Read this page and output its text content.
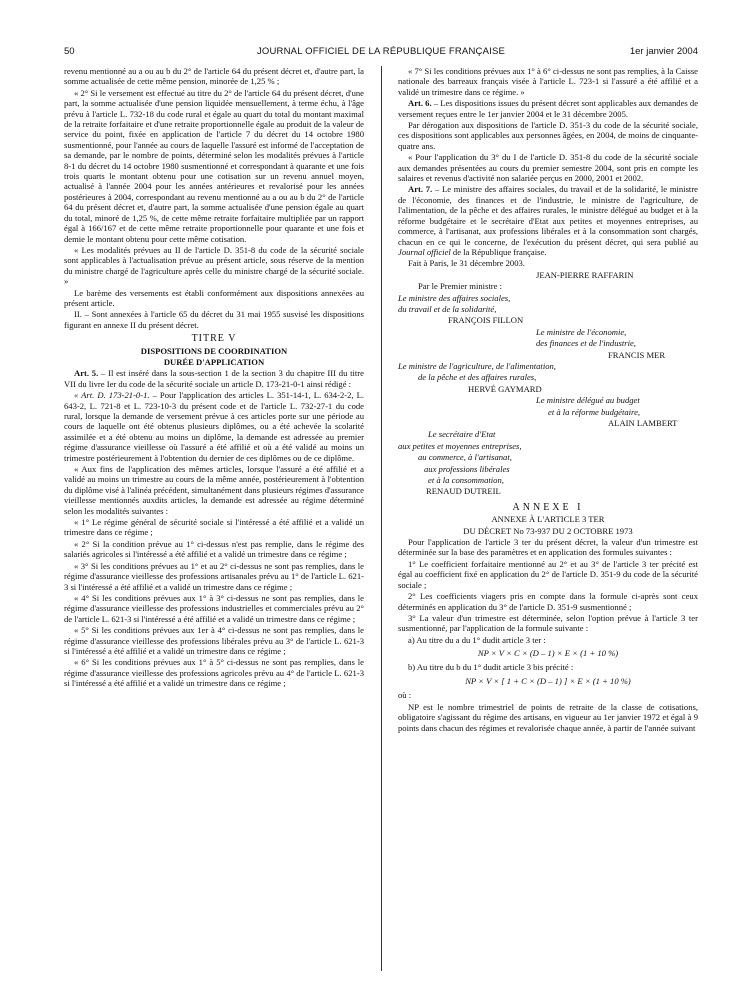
50	JOURNAL OFFICIEL DE LA RÉPUBLIQUE FRANÇAISE	1er janvier 2004

revenu mentionné au a ou au b du 2° de l'article 64 du présent décret et, d'autre part, la somme actualisée de cette même pension, minorée de 1,25 % ;

« 2° Si le versement est effectué au titre du 2° de l'article 64 du présent décret, d'une part, la somme actualisée d'une pension liquidée mensuellement, à terme échu, à l'âge prévu à l'article L. 732-18 du code rural et égale au quart du total du montant maximal de la retraite forfaitaire et d'une retraite proportionnelle égale au produit de la valeur de service du point, fixée en application de l'article 7 du décret du 14 octobre 1980 susmentionné, pour l'année au cours de laquelle l'assuré est informé de l'acceptation de sa demande, par le nombre de points, déterminé selon les modalités prévues à l'article 8-1 du décret du 14 octobre 1980 susmentionné et correspondant à quarante et une fois trois quarts le montant obtenu pour une cotisation sur un revenu annuel moyen, actualisé à l'année 2004 pour les années antérieures et revalorisé pour les années postérieures à 2004, correspondant au revenu mentionné au a ou au b du 2° de l'article 64 du présent décret et, d'autre part, la somme actualisée d'une pension égale au quart du total, minoré de 1,25 %, de cette même retraite forfaitaire multipliée par un rapport égal à 166/167 et de cette même retraite proportionnelle pour quarante et une fois et demie le montant obtenu pour cette même cotisation.

« Les modalités prévues au II de l'article D. 351-8 du code de la sécurité sociale sont applicables à l'actualisation prévue au présent article, sous réserve de la mention du ministre chargé de l'agriculture après celle du ministre chargé de la sécurité sociale. »

Le barème des versements est établi conformément aux dispositions annexées au présent article.

II. – Sont annexées à l'article 65 du décret du 31 mai 1955 susvisé les dispositions figurant en annexe II du présent décret.

TITRE V

DISPOSITIONS DE COORDINATION

DURÉE D'APPLICATION

Art. 5. – Il est inséré dans la sous-section 1 de la section 3 du chapitre III du titre VII du livre Ier du code de la sécurité sociale un article D. 173-21-0-1 ainsi rédigé :

« Art. D. 173-21-0-1. – Pour l'application des articles L. 351-14-1, L. 634-2-2, L. 643-2, L. 721-8 et L. 723-10-3 du présent code et de l'article L. 732-27-1 du code rural, lorsque la demande de versement prévue à ces articles porte sur une période au cours de laquelle ont été obtenus plusieurs diplômes, ou a été achevée la scolarité assimilée et a été obtenu au moins un diplôme, la demande est adressée au premier régime d'assurance vieillesse où l'assuré a été affilié et où a été validé au moins un trimestre postérieurement à l'obtention du dernier de ces diplômes ou de ce diplôme.

« Aux fins de l'application des mêmes articles, lorsque l'assuré a été affilié et a validé au moins un trimestre au cours de la même année, postérieurement à l'obtention du diplôme visé à l'alinéa précédent, simultanément dans plusieurs régimes d'assurance vieillesse mentionnés auxdits articles, la demande est adressée au régime déterminé selon les modalités suivantes :

« 1° Le régime général de sécurité sociale si l'intéressé a été affilié et a validé un trimestre dans ce régime ;

« 2° Si la condition prévue au 1° ci-dessus n'est pas remplie, dans le régime des salariés agricoles si l'intéressé a été affilié et a validé un trimestre dans ce régime ;

« 3° Si les conditions prévues au 1° et au 2° ci-dessus ne sont pas remplies, dans le régime d'assurance vieillesse des professions artisanales prévu au 1° de l'article L. 621-3 si l'intéressé a été affilié et a validé un trimestre dans ce régime ;

« 4° Si les conditions prévues aux 1° à 3° ci-dessus ne sont pas remplies, dans le régime d'assurance vieillesse des professions industrielles et commerciales prévu au 2° de l'article L. 621-3 si l'intéressé a été affilié et a validé un trimestre dans ce régime ;

« 5° Si les conditions prévues aux 1er à 4° ci-dessus ne sont pas remplies, dans le régime d'assurance vieillesse des professions libérales prévu au 3° de l'article L. 621-3 si l'intéressé a été affilié et a validé un trimestre dans ce régime ;

« 6° Si les conditions prévues aux 1° à 5° ci-dessus ne sont pas remplies, dans le régime d'assurance vieillesse des professions agricoles prévu au 4° de l'article L. 621-3 si l'intéressé a été affilié et a validé un trimestre dans ce régime ;

« 7° Si les conditions prévues aux 1° à 6° ci-dessus ne sont pas remplies, à la Caisse nationale des barreaux français visée à l'article L. 723-1 si l'assuré a été affilié et a validé un trimestre dans ce régime. »

Art. 6. – Les dispositions issues du présent décret sont applicables aux demandes de versement reçues entre le 1er janvier 2004 et le 31 décembre 2005.

Par dérogation aux dispositions de l'article D. 351-3 du code de la sécurité sociale, ces dispositions sont applicables aux personnes âgées, en 2004, de moins de cinquante-quatre ans.

« Pour l'application du 3° du I de l'article D. 351-8 du code de la sécurité sociale aux demandes présentées au cours du premier semestre 2004, sont pris en compte les salaires et revenus d'activité non salariée perçus en 2000, 2001 et 2002.

Art. 7. – Le ministre des affaires sociales, du travail et de la solidarité, le ministre de l'économie, des finances et de l'industrie, le ministre de l'agriculture, de l'alimentation, de la pêche et des affaires rurales, le ministre délégué au budget et à la réforme budgétaire et le secrétaire d'Etat aux petites et moyennes entreprises, au commerce, à l'artisanat, aux professions libérales et à la consommation sont chargés, chacun en ce qui le concerne, de l'exécution du présent décret, qui sera publié au Journal officiel de la République française.

Fait à Paris, le 31 décembre 2003.

JEAN-PIERRE RAFFARIN

Par le Premier ministre :

Le ministre des affaires sociales,

du travail et de la solidarité,

FRANÇOIS FILLON

Le ministre de l'économie,

des finances et de l'industrie,

FRANCIS MER

Le ministre de l'agriculture, de l'alimentation,

de la pêche et des affaires rurales,

HERVÉ GAYMARD

Le ministre délégué au budget

et à la réforme budgétaire,

ALAIN LAMBERT

Le secrétaire d'Etat

aux petites et moyennes entreprises,

au commerce, à l'artisanat,

aux professions libérales

et à la consommation,

RENAUD DUTREIL

ANNEXE I

ANNEXE À L'ARTICLE 3 TER

DU DÉCRET No 73-937 DU 2 OCTOBRE 1973

Pour l'application de l'article 3 ter du présent décret, la valeur d'un trimestre est déterminée sur la base des paramètres et en application des formules suivantes :

1° Le coefficient forfaitaire mentionné au 2° et au 3° de l'article 3 ter précité est égal au coefficient fixé en application du 2° de l'article D. 351-9 du code de la sécurité sociale ;

2° Les coefficients viagers pris en compte dans la formule ci-après sont ceux déterminés en application du 3° de l'article D. 351-9 susmentionné ;

3° La valeur d'un trimestre est déterminée, selon l'option prévue à l'article 3 ter susmentionné, par l'application de la formule suivante :

a) Au titre du a du 1° dudit article 3 ter :

NP × V × C × (D – 1) × E × (1 + 10 %)

b) Au titre du b du 1° dudit article 3 bis précité :

NP × V × [ 1 + C × (D – 1) ] × E × (1 + 10 %)

où :

NP est le nombre trimestriel de points de retraite de la classe de cotisations, obligatoire s'agissant du régime des artisans, en vigueur au 1er janvier 1972 et égal à 9 points dans chacun des régimes et revalorisée chaque année, à partir de l'année suivant
